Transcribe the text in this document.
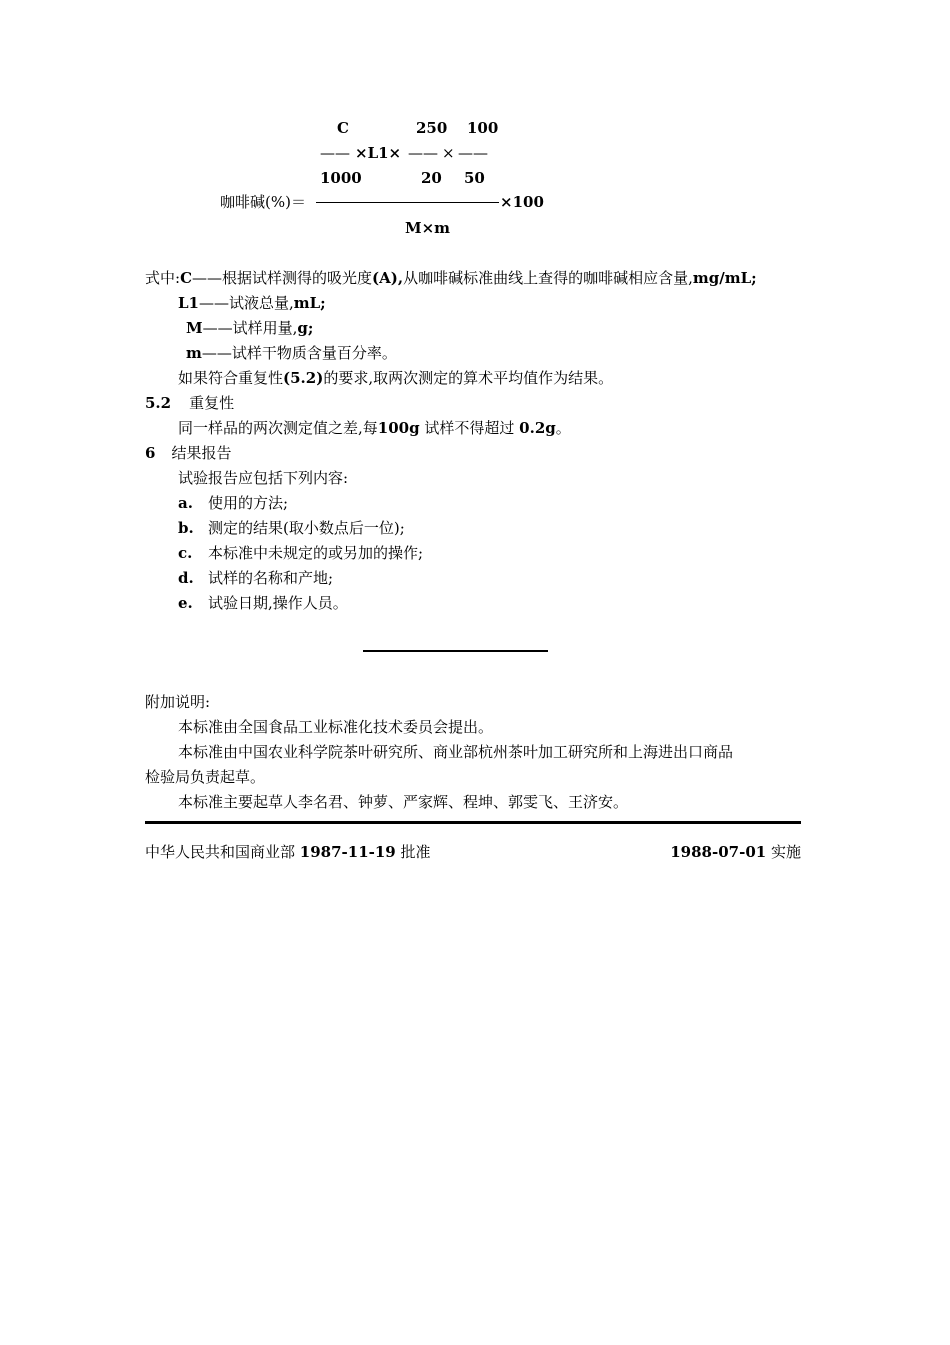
C	250 100
—— ×L1× —— × ——
1000	20 50
咖啡碱(%)＝	×100
M×m
式中:C——根据试样测得的吸光度(A),从咖啡碱标准曲线上查得的咖啡碱相应含量,mg/mL;
L1——试液总量,mL;
M——试样用量,g;
m——试样干物质含量百分率。
如果符合重复性(5.2)的要求,取两次测定的算术平均值作为结果。
5.2 重复性
同一样品的两次测定值之差,每100g 试样不得超过 0.2g。
6 结果报告
试验报告应包括下列内容:
a. 使用的方法;
b. 测定的结果(取小数点后一位);
c. 本标准中未规定的或另加的操作;
d. 试样的名称和产地;
e. 试验日期,操作人员。
附加说明:
本标准由全国食品工业标准化技术委员会提出。
本标准由中国农业科学院茶叶研究所、商业部杭州茶叶加工研究所和上海进出口商品
检验局负责起草。
本标准主要起草人李名君、钟萝、严家辉、程坤、郭雯飞、王济安。
中华人民共和国商业部 1987-11-19 批准	1988-07-01 实施
